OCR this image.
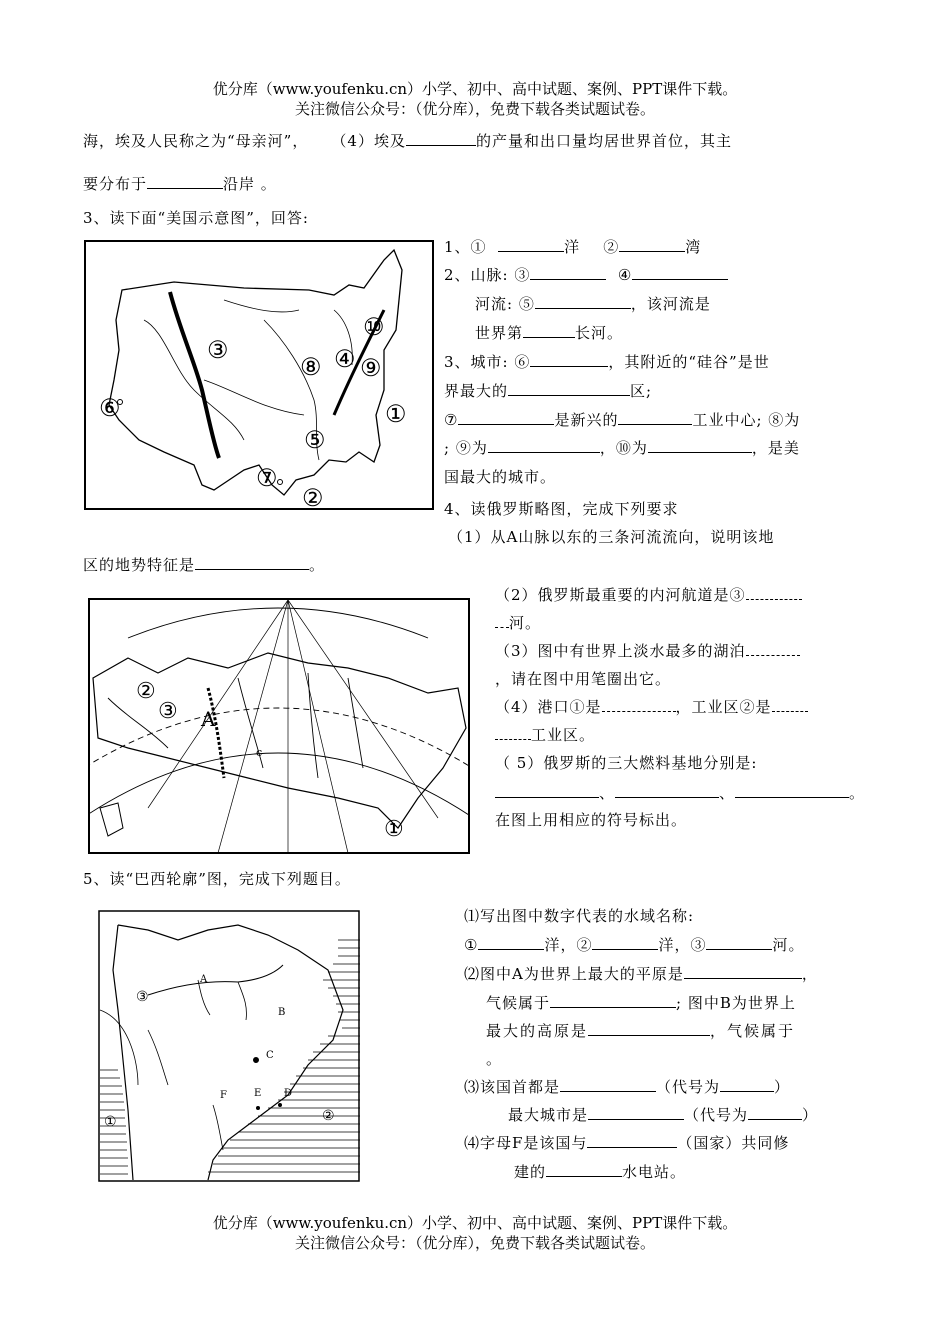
优分库（www.youfenku.cn）小学、初中、高中试题、案例、PPT课件下载。
关注微信公众号：（优分库），免费下载各类试题试卷。
海，埃及人民称之为“母亲河”， （4）埃及	的产量和出口量均居世界首位，其主
要分布于	沿岸 。
3、读下面“美国示意图”，回答:
③	④
⑧ ⑨
⑩
①
⑤
⑥
⑦
②
1、①	洋 ②	湾
2、山脉: ③	④
河流: ⑤	，该河流是
世界第	长河。
3、城市: ⑥	，其附近的“硅谷”是世
界最大的	区;
⑦	是新兴的	工业中心; ⑧为
; ⑨为	，⑩为	，是美
国最大的城市。
4、读俄罗斯略图，完成下列要求
（1）从A山脉以东的三条河流流向，说明该地
区的地势特征是	。
②
③ A
c
①
（2）俄罗斯最重要的内河航道是③
河。
（3）图中有世界上淡水最多的湖泊
，请在图中用笔圈出它。
（4）港口①是	，工业区②是
工业区。
（ 5）俄罗斯的三大燃料基地分别是:
、	、	。
在图上用相应的符号标出。
5、读“巴西轮廓”图，完成下列题目。
A
B
C
D
E
F
③
①	②
⑴写出图中数字代表的水域名称:
①	洋，②	洋，③	河。
⑵图中A为世界上最大的平原是	，
气候属于	; 图中B为世界上
最大的高原是	，气候属于
。
⑶该国首都是	（代号为	）
最大城市是	（代号为	）
⑷字母F是该国与	（国家）共同修
建的	水电站。
优分库（www.youfenku.cn）小学、初中、高中试题、案例、PPT课件下载。
关注微信公众号：（优分库），免费下载各类试题试卷。
